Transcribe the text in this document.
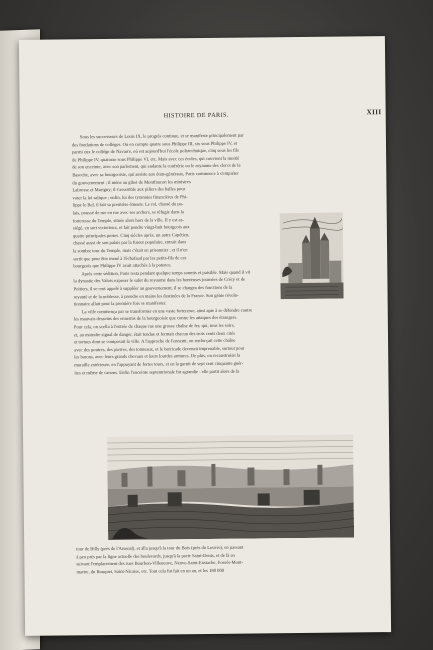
HISTOIRE DE PARIS.	XIII
Sous les successeurs de Louis IX, le progrès continue, et se manifeste principalement par
des fondations de colléges. On en compte quatre sous Philippe III, six sous Philippe IV, et
parmi eux le collége de Navarre, où est aujourd'hui l'école polytechnique, cinq sous les fils
de Philippe IV, quatorze sous Philippe VI, etc. Mais avec ces écoles, qui couvrent la moitié
de son enceinte, avec son parlement, qui endante la confrérie ou le royaume des clercs de la
Basoche, avec sa bourgeoisie, qui assiste aux états-généraux, Paris commence à s'empiéter
du gouvernement ; il mène au gibet de Montfaucon les ministres
Labrosse et Marigny; il s'assemble aux piliers des halles pour
voter la loi salique ; enfin, lui des tyrannies financières de Phi-
lippe le Bel, il fait sa première émeute. Le roi, chassé du pa-
lais, poussé de rue en rue avec ses archers, se réfugie dans la
forteresse du Temple, située alors hors de la ville. Il y est as-
siégé, en sort victorieux, et fait pendre vingt-huit bourgeois aux
quatre principales portes. Cinq siècles après, un autre Capétien,
chassé aussi de son palais par la fureur populaire, entrait dans
la sombre tour du Temple, mais c'était en prisonnier ; et il n'en
sortit que pour être mené à l'échafaud par les petits-fils de ces
bourgeois que Philippe IV avait attachés à la potence.
Après cette sédition, Paris resta pendant quelque temps soumis et paisible. Mais quand il vit
la dynastie des Valois exposer le salut du royaume dans les honteuses journées de Crécy et de
Poitiers, il se crut appelé à suppléer au gouvernement, il se chargea des fonctions de la
royauté et de la noblesse, à prendre en mains les destinées de la France. Son génie révolu-
tionnaire allait pour la première fois se manifester.
La ville commença par se transformer en une vaste forteresse, ainsi apte à se défendre contre
les mauvais desseins des ennemis de la bourgeoisie que contre les attaques des étrangers.
Pour cela, on scella à l'entrée de chaque rue une grosse chaîne de fer, qui, tous les soirs,
et, au moindre signal de danger, était tendue et fermait chacun des trois cents deux cités
et tortues dont se composait la ville. A l'approche de l'ennemi, on renforçait cette chaîne
avec des poutres, des pierres, des tonneaux, et le barricade devenait imprenable, surtout pour
les barons, avec leurs grands chevaux et leurs lourdes armures. De plus, on reconstruisit la
muraille extérieure, en l'appuyant de fortes tours, et en la garnit de sept cent cinquante guér-
ites et même de canons. Enfin l'enceinte septentrionale fut agrandie : elle partit alors de la
tour de Billy (près de l'Arsenal), et alla jusqu'à la tour du Bois (près du Louvre), en passant
à peu près par la ligne actuelle des boulevards, jusqu'à la porte Saint-Denis, et de là en
suivant l'emplacement des rues Bourbon-Villeneuve, Neuve-Saint-Eustache, Fossés-Mont-
martre, du Bouquet, Saint-Nicaise, etc. Tout cela fut fait en un an, et les 180 000
